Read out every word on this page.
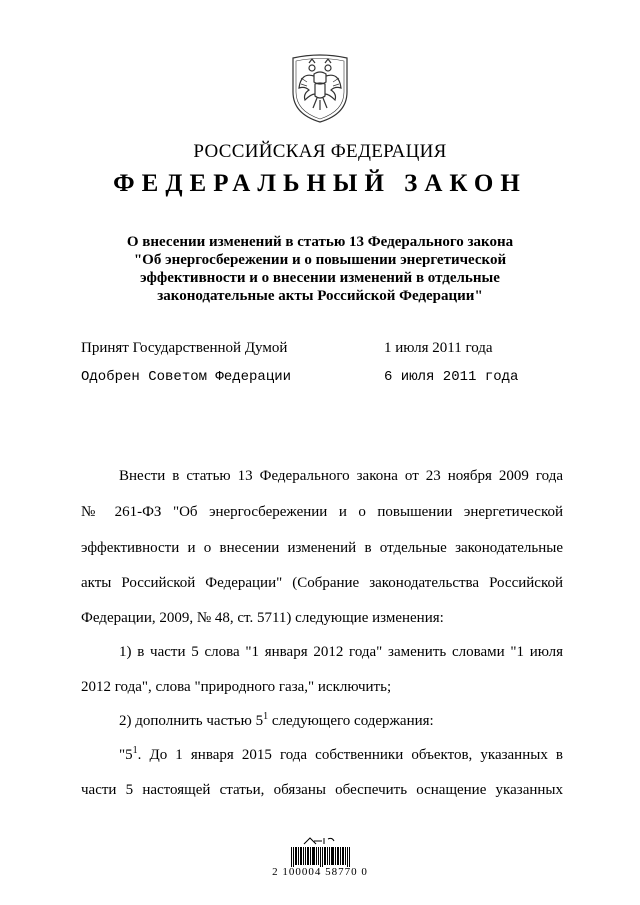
РОССИЙСКАЯ ФЕДЕРАЦИЯ
ФЕДЕРАЛЬНЫЙ ЗАКОН
О внесении изменений в статью 13 Федерального закона
"Об энергосбережении и о повышении энергетической
эффективности и о внесении изменений в отдельные
законодательные акты Российской Федерации"
Принят Государственной Думой	1 июля 2011 года
Одобрен Советом Федерации	6 июля 2011 года
Внести в статью 13 Федерального закона от 23 ноября 2009 года
№ 261-ФЗ "Об энергосбережении и о повышении энергетической
эффективности и о внесении изменений в отдельные законодательные
акты Российской Федерации" (Собрание законодательства Российской
Федерации, 2009, № 48, ст. 5711) следующие изменения:
1) в части 5 слова "1 января 2012 года" заменить словами "1 июля
2012 года", слова "природного газа," исключить;
2) дополнить частью $5^1$ следующего содержания:
"$5^1$. До 1 января 2015 года собственники объектов, указанных в
части 5 настоящей статьи, обязаны обеспечить оснащение указанных
2 100004 58770 0
